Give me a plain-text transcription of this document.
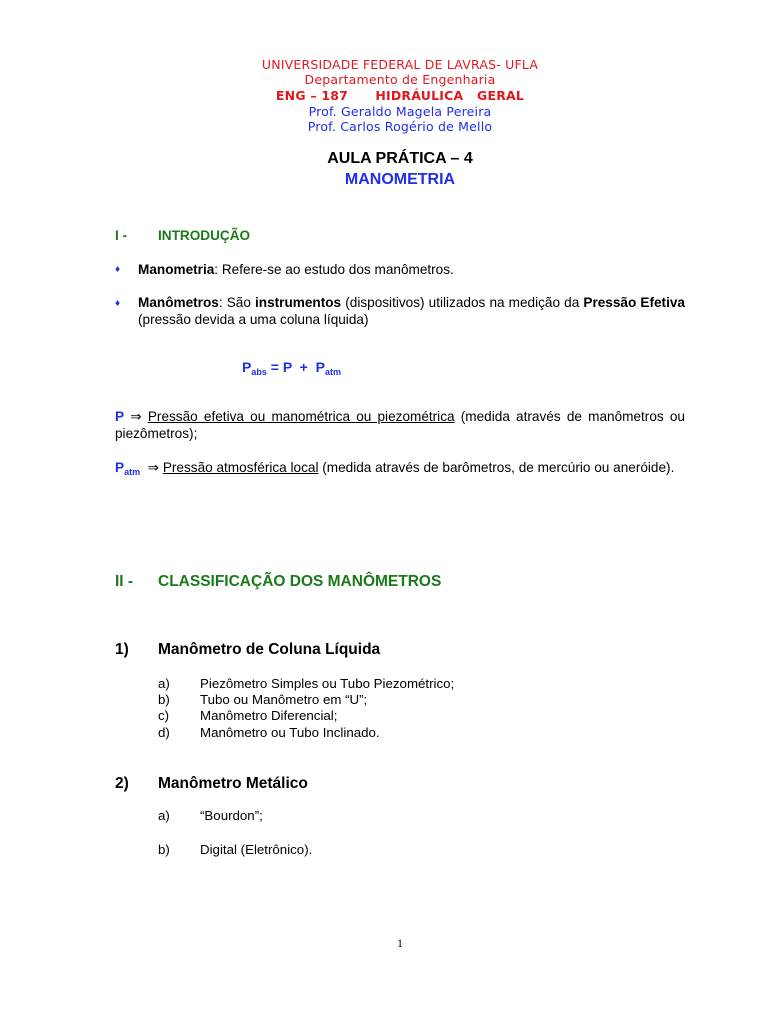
UNIVERSIDADE FEDERAL DE LAVRAS- UFLA
Departamento de Engenharia
ENG – 187      HIDRÁULICA   GERAL
Prof. Geraldo Magela Pereira
Prof. Carlos Rogério de Mello
AULA PRÁTICA – 4
MANOMETRIA
I - INTRODUÇÃO
♦ Manometria: Refere-se ao estudo dos manômetros.
♦ Manômetros: São instrumentos (dispositivos) utilizados na medição da Pressão Efetiva (pressão devida a uma coluna líquida)
$P_{abs} = P + P_{atm}$
P ⇒ Pressão efetiva ou manométrica ou piezométrica (medida através de manômetros ou piezômetros);
$P_{atm}$  ⇒ Pressão atmosférica local (medida através de barômetros, de mercúrio ou aneróide).
II - CLASSIFICAÇÃO DOS MANÔMETROS
1) Manômetro de Coluna Líquida
a) Piezômetro Simples ou Tubo Piezométrico;
b) Tubo ou Manômetro em “U”;
c) Manômetro Diferencial;
d) Manômetro ou Tubo Inclinado.
2) Manômetro Metálico
a) “Bourdon”;
b) Digital (Eletrônico).
1
